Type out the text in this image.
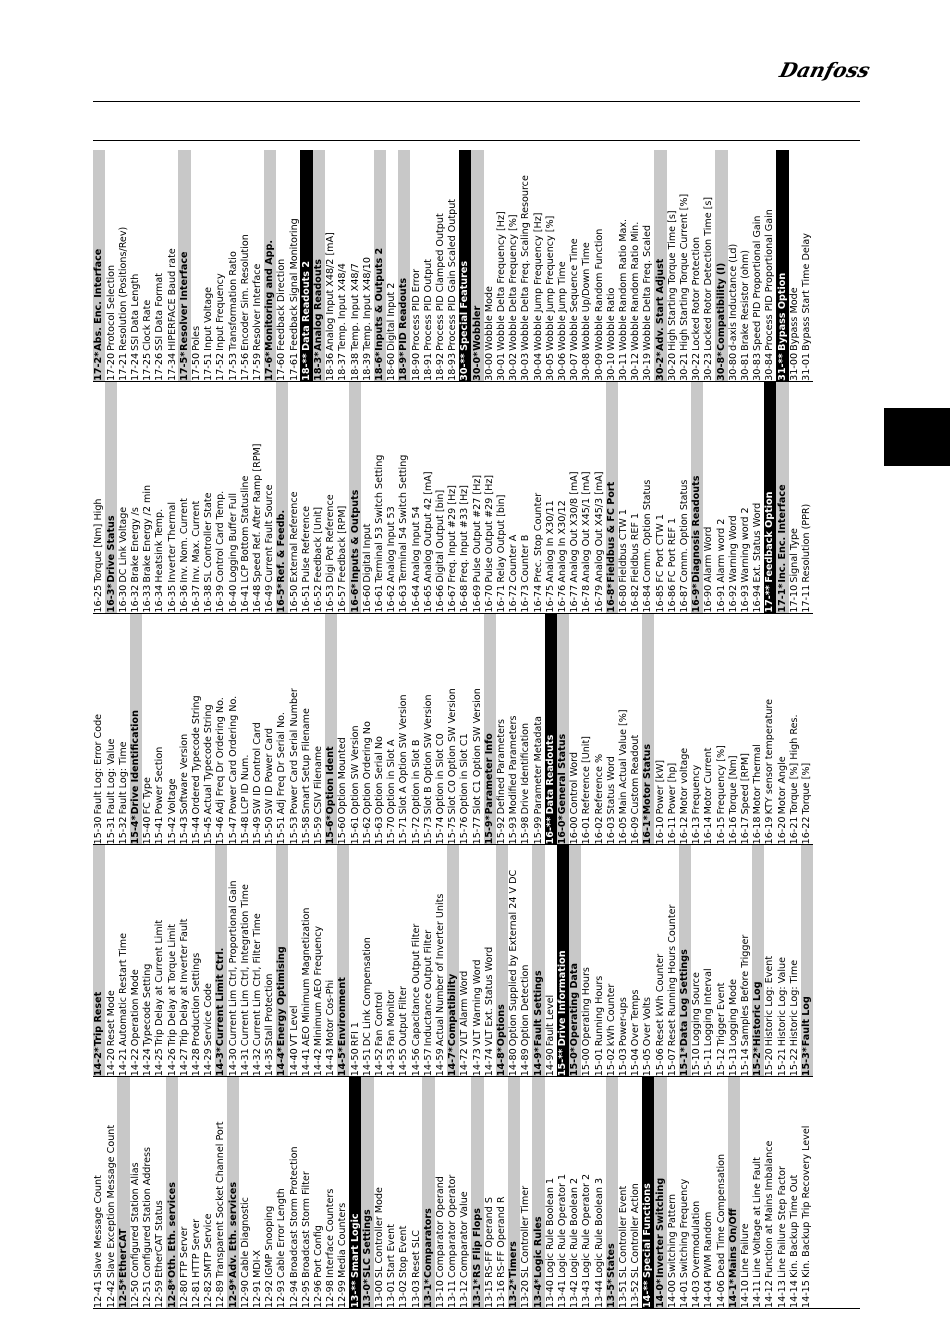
Danfoss
12-41
Slave Message Count
12-42
Slave Exception Message Count
12-5*
EtherCAT
12-50
Configured Station Alias
12-51
Configured Station Address
12-59
EtherCAT Status
12-8*
Oth. Eth. services
12-80
FTP Server
12-81
HTTP Server
12-82
SMTP Service
12-89
Transparent Socket Channel Port
12-9*
Adv. Eth. services
12-90
Cable Diagnostic
12-91
MDI-X
12-92
IGMP Snooping
12-93
Cable Error Length
12-94
Broadcast Storm Protection
12-95
Broadcast Storm Filter
12-96
Port Config
12-98
Interface Counters
12-99
Media Counters
13-**
Smart Logic
13-0*
SLC Settings
13-00
SL Controller Mode
13-01
Start Event
13-02
Stop Event
13-03
Reset SLC
13-1*
Comparators
13-10
Comparator Operand
13-11
Comparator Operator
13-12
Comparator Value
13-1*
RS Flip Flops
13-15
RS-FF Operand S
13-16
RS-FF Operand R
13-2*
Timers
13-20
SL Controller Timer
13-4*
Logic Rules
13-40
Logic Rule Boolean 1
13-41
Logic Rule Operator 1
13-42
Logic Rule Boolean 2
13-43
Logic Rule Operator 2
13-44
Logic Rule Boolean 3
13-5*
States
13-51
SL Controller Event
13-52
SL Controller Action
14-**
Special Functions
14-0*
Inverter Switching
14-00
Switching Pattern
14-01
Switching Frequency
14-03
Overmodulation
14-04
PWM Random
14-06
Dead Time Compensation
14-1*
Mains On/Off
14-10
Line Failure
14-11
Line Voltage at Line Fault
14-12
Function at Mains Imbalance
14-13
Line Failure Step Factor
14-14
Kin. Backup Time Out
14-15
Kin. Backup Trip Recovery Level
14-2*
Trip Reset
14-20
Reset Mode
14-21
Automatic Restart Time
14-22
Operation Mode
14-24
Typecode Setting
14-25
Trip Delay at Current Limit
14-26
Trip Delay at Torque Limit
14-27
Trip Delay at Inverter Fault
14-28
Production Settings
14-29
Service Code
14-3*
Current Limit Ctrl.
14-30
Current Lim Ctrl, Proportional Gain
14-31
Current Lim Ctrl, Integration Time
14-32
Current Lim Ctrl, Filter Time
14-35
Stall Protection
14-4*
Energy Optimising
14-40
VT Level
14-41
AEO Minimum Magnetization
14-42
Minimum AEO Frequency
14-43
Motor Cos-Phi
14-5*
Environment
14-50
RFI 1
14-51
DC Link Compensation
14-52
Fan Control
14-53
Fan Monitor
14-55
Output Filter
14-56
Capacitance Output Filter
14-57
Inductance Output Filter
14-59
Actual Number of Inverter Units
14-7*
Compatibility
14-72
VLT Alarm Word
14-73
VLT Warning Word
14-74
VLT Ext. Status Word
14-8*
Options
14-80
Option Supplied by External 24 V DC
14-89
Option Detection
14-9*
Fault Settings
14-90
Fault Level
15-**
Drive Information
15-0*
Operating Data
15-00
Operating Hours
15-01
Running Hours
15-02
kWh Counter
15-03
Power-ups
15-04
Over Temps
15-05
Over Volts
15-06
Reset kWh Counter
15-07
Reset Running Hours Counter
15-1*
Data Log Settings
15-10
Logging Source
15-11
Logging Interval
15-12
Trigger Event
15-13
Logging Mode
15-14
Samples Before Trigger
15-2*
Historic Log
15-20
Historic Log: Event
15-21
Historic Log: Value
15-22
Historic Log: Time
15-3*
Fault Log
15-30
Fault Log: Error Code
15-31
Fault Log: Value
15-32
Fault Log: Time
15-4*
Drive Identification
15-40
FC Type
15-41
Power Section
15-42
Voltage
15-43
Software Version
15-44
Ordered Typecode String
15-45
Actual Typecode String
15-46
Adj Freq Dr Ordering No.
15-47
Power Card Ordering No.
15-48
LCP ID Num.
15-49
SW ID Control Card
15-50
SW ID Power Card
15-51
Adj Freq Dr Serial No.
15-53
Power Card Serial Number
15-58
Smart Setup Filename
15-59
CSIV Filename
15-6*
Option Ident
15-60
Option Mounted
15-61
Option SW Version
15-62
Option Ordering No
15-63
Option Serial No
15-70
Option in Slot A
15-71
Slot A Option SW Version
15-72
Option in Slot B
15-73
Slot B Option SW Version
15-74
Option in Slot C0
15-75
Slot C0 Option SW Version
15-76
Option in Slot C1
15-77
Slot C1 Option SW Version
15-9*
Parameter Info
15-92
Defined Parameters
15-93
Modified Parameters
15-98
Drive Identification
15-99
Parameter Metadata
16-**
Data Readouts
16-0*
General Status
16-00
Control Word
16-01
Reference [Unit]
16-02
Reference %
16-03
Status Word
16-05
Main Actual Value [%]
16-09
Custom Readout
16-1*
Motor Status
16-10
Power [kW]
16-11
Power [hp]
16-12
Motor voltage
16-13
Frequency
16-14
Motor Current
16-15
Frequency [%]
16-16
Torque [Nm]
16-17
Speed [RPM]
16-18
Motor Thermal
16-19
KTY sensor temperature
16-20
Motor Angle
16-21
Torque [%] High Res.
16-22
Torque [%]
16-25
Torque [Nm] High
16-3*
Drive Status
16-30
DC Link Voltage
16-32
Brake Energy /s
16-33
Brake Energy /2 min
16-34
Heatsink Temp.
16-35
Inverter Thermal
16-36
Inv. Nom. Current
16-37
Inv. Max. Current
16-38
SL Controller State
16-39
Control Card Temp.
16-40
Logging Buffer Full
16-41
LCP Bottom Statusline
16-48
Speed Ref. After Ramp [RPM]
16-49
Current Fault Source
16-5*
Ref. & Feedb.
16-50
External Reference
16-51
Pulse Reference
16-52
Feedback [Unit]
16-53
Digi Pot Reference
16-57
Feedback [RPM]
16-6*
Inputs & Outputs
16-60
Digital Input
16-61
Terminal 53 Switch Setting
16-62
Analog Input 53
16-63
Terminal 54 Switch Setting
16-64
Analog Input 54
16-65
Analog Output 42 [mA]
16-66
Digital Output [bin]
16-67
Freq. Input #29 [Hz]
16-68
Freq. Input #33 [Hz]
16-69
Pulse Output #27 [Hz]
16-70
Pulse Output #29 [Hz]
16-71
Relay Output [bin]
16-72
Counter A
16-73
Counter B
16-74
Prec. Stop Counter
16-75
Analog In X30/11
16-76
Analog In X30/12
16-77
Analog Out X30/8 [mA]
16-78
Analog Out X45/1 [mA]
16-79
Analog Out X45/3 [mA]
16-8*
Fieldbus & FC Port
16-80
Fieldbus CTW 1
16-82
Fieldbus REF 1
16-84
Comm. Option Status
16-85
FC Port CTW 1
16-86
FC Port REF 1
16-87
Comm. Option Status
16-9*
Diagnosis Readouts
16-90
Alarm Word
16-91
Alarm word 2
16-92
Warning Word
16-93
Warning word 2
16-94
Ext. Status Word
17-**
Feedback Option
17-1*
Inc. Enc. Interface
17-10
Signal Type
17-11
Resolution (PPR)
17-2*
Abs. Enc. Interface
17-20
Protocol Selection
17-21
Resolution (Positions/Rev)
17-24
SSI Data Length
17-25
Clock Rate
17-26
SSI Data Format
17-34
HIPERFACE Baud rate
17-5*
Resolver Interface
17-50
Poles
17-51
Input Voltage
17-52
Input Frequency
17-53
Transformation Ratio
17-56
Encoder Sim. Resolution
17-59
Resolver Interface
17-6*
Monitoring and App.
17-60
Feedback Direction
17-61
Feedback Signal Monitoring
18-**
Data Readouts 2
18-3*
Analog Readouts
18-36
Analog Input X48/2 [mA]
18-37
Temp. Input X48/4
18-38
Temp. Input X48/7
18-39
Temp. Input X48/10
18-6*
Inputs & Outputs 2
18-60
Digital Input 2
18-9*
PID Readouts
18-90
Process PID Error
18-91
Process PID Output
18-92
Process PID Clamped Output
18-93
Process PID Gain Scaled Output
30-**
Special Features
30-0*
Wobbler
30-00
Wobble Mode
30-01
Wobble Delta Frequency [Hz]
30-02
Wobble Delta Frequency [%]
30-03
Wobble Delta Freq. Scaling Resource
30-04
Wobble Jump Frequency [Hz]
30-05
Wobble Jump Frequency [%]
30-06
Wobble Jump Time
30-07
Wobble Sequence Time
30-08
Wobble Up/Down Time
30-09
Wobble Random Function
30-10
Wobble Ratio
30-11
Wobble Random Ratio Max.
30-12
Wobble Random Ratio Min.
30-19
Wobble Delta Freq. Scaled
30-2*
Adv. Start Adjust
30-20
High Starting Torque Time [s]
30-21
High Starting Torque Current [%]
30-22
Locked Rotor Protection
30-23
Locked Rotor Detection Time [s]
30-8*
Compatibility (I)
30-80
d-axis Inductance (Ld)
30-81
Brake Resistor (ohm)
30-83
Speed PID Proportional Gain
30-84
Process PID Proportional Gain
31-**
Bypass Option
31-00
Bypass Mode
31-01
Bypass Start Time Delay
